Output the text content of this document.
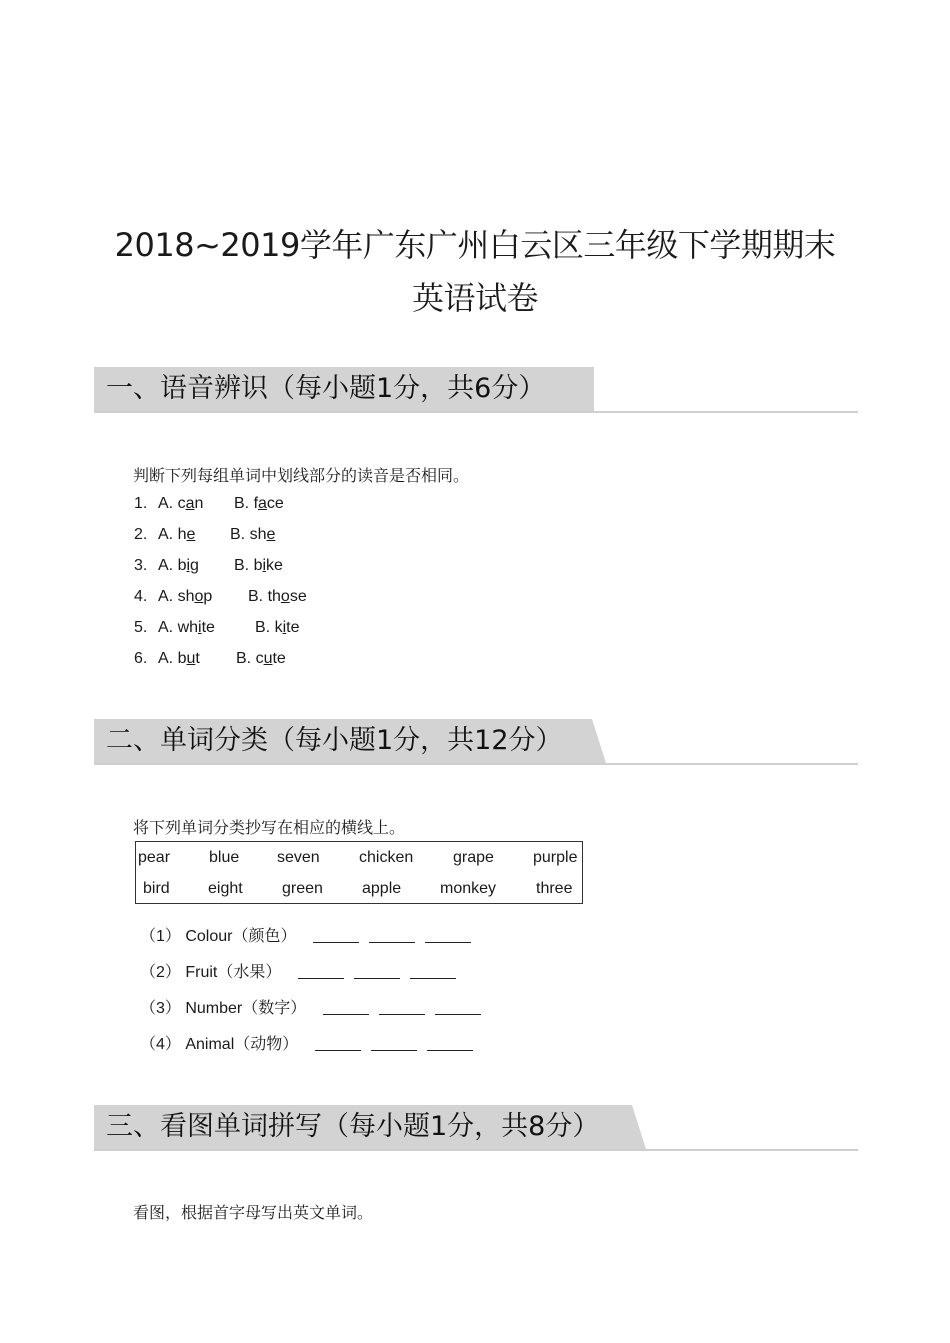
2018~2019学年广东广州白云区三年级下学期期末
英语试卷
一、语音辨识（每小题1分，共6分）
判断下列每组单词中划线部分的读音是否相同。
1. A. can B. face
2. A. he B. she
3. A. big B. bike
4. A. shop B. those
5. A. white	B. kite
6. A. but B. cute
二、单词分类（每小题1分，共12分）
将下列单词分类抄写在相应的横线上。
pear blue seven chicken grape purple
bird eight green apple monkey three
（1） Colour（颜色）
（2） Fruit（水果）
（3） Number（数字）
（4） Animal（动物）
三、看图单词拼写（每小题1分，共8分）
看图，根据首字母写出英文单词。
